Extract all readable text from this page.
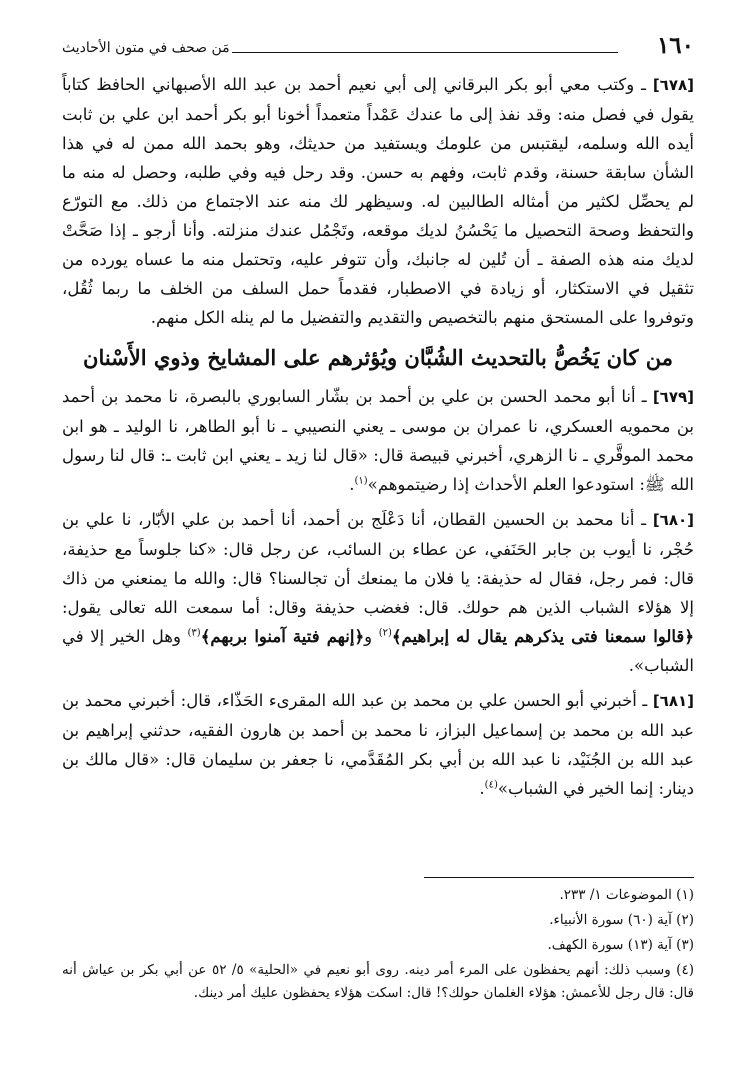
١٦٠
مَن صحف في متون الأحاديث

[٦٧٨] ـ وكتب معي أبو بكر البرقاني إلى أبي نعيم أحمد بن عبد الله الأصبهاني الحافظ كتاباً يقول في فصل منه: وقد نفذ إلى ما عندك عَمْداً متعمداً أخونا أبو بكر أحمد ابن علي بن ثابت أيده الله وسلمه، ليقتبس من علومك ويستفيد من حديثك، وهو بحمد الله ممن له في هذا الشأن سابقة حسنة، وقدم ثابت، وفهم به حسن. وقد رحل فيه وفي طلبه، وحصل له منه ما لم يحصِّل لكثير من أمثاله الطالبين له. وسيظهر لك منه عند الاجتماع من ذلك. مع التورّع والتحفظ وصحة التحصيل ما يَحْسُنُ لديك موقعه، وتَجْمُل عندك منزلته. وأنا أرجو ـ إذا صَحَّتْ لديك منه هذه الصفة ـ أن تُلين له جانبك، وأن تتوفر عليه، وتحتمل منه ما عساه يورده من تثقيل في الاستكثار، أو زيادة في الاصطبار، فقدماً حمل السلف من الخلف ما ربما ثُقُل، وتوفروا على المستحق منهم بالتخصيص والتقديم والتفضيل ما لم ينله الكل منهم.

من كان يَخُصُّ بالتحديث الشُبَّان ويُؤثرهم على المشايخ وذوي الأَسْنان

[٦٧٩] ـ أنا أبو محمد الحسن بن علي بن أحمد بن بشّار السابوري بالبصرة، نا محمد بن أحمد بن محمويه العسكري، نا عمران بن موسى ـ يعني النصيبي ـ نا أبو الطاهر، نا الوليد ـ هو ابن محمد الموقَّري ـ نا الزهري، أخبرني قبيصة قال: «قال لنا زيد ـ يعني ابن ثابت ـ: قال لنا رسول الله ﷺ: استودعوا العلم الأحداث إذا رضيتموهم»$^{(١)}$.

[٦٨٠] ـ أنا محمد بن الحسين القطان، أنا دَعْلَج بن أحمد، أنا أحمد بن علي الأبّار، نا علي بن حُجْر، نا أيوب بن جابر الحَنَفي، عن عطاء بن السائب، عن رجل قال: «كنا جلوساً مع حذيفة، قال: فمر رجل، فقال له حذيفة: يا فلان ما يمنعك أن تجالسنا؟ قال: والله ما يمنعني من ذاك إلا هؤلاء الشباب الذين هم حولك. قال: فغضب حذيفة وقال: أما سمعت الله تعالى يقول: ﴿قالوا سمعنا فتى يذكرهم يقال له إبراهيم﴾$^{(٢)}$ و﴿إنهم فتية آمنوا بربهم﴾$^{(٣)}$ وهل الخير إلا في الشباب».

[٦٨١] ـ أخبرني أبو الحسن علي بن محمد بن عبد الله المقرىء الحَذّاء، قال: أخبرني محمد بن عبد الله بن محمد بن إسماعيل البزاز، نا محمد بن أحمد بن هارون الفقيه، حدثني إبراهيم بن عبد الله بن الجُنَيْد، نا عبد الله بن أبي بكر المُقَدَّمي، نا جعفر بن سليمان قال: «قال مالك بن دينار: إنما الخير في الشباب»$^{(٤)}$.

(١) الموضوعات ١/ ٢٣٣.

(٢) آية (٦٠) سورة الأنبياء.

(٣) آية (١٣) سورة الكهف.

(٤) وسبب ذلك: أنهم يحفظون على المرء أمر دينه. روى أبو نعيم في «الحلية» ٥/ ٥٢ عن أبي بكر بن عياش أنه قال: قال رجل للأعمش: هؤلاء الغلمان حولك؟! قال: اسكت هؤلاء يحفظون عليك أمر دينك.
